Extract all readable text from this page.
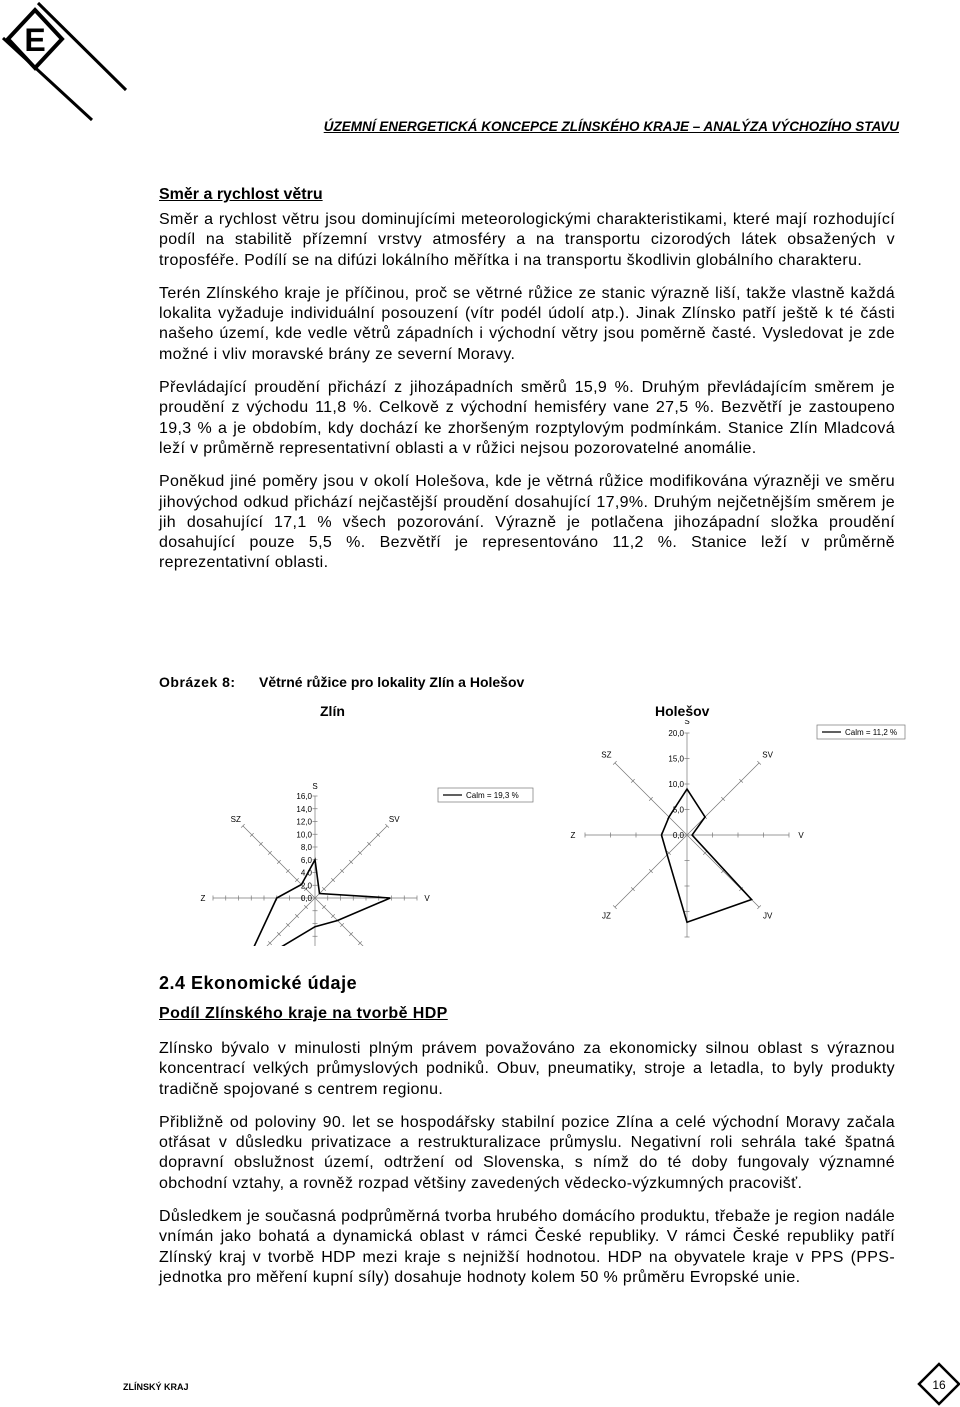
E
ÚZEMNÍ ENERGETICKÁ KONCEPCE ZLÍNSKÉHO KRAJE – ANALÝZA VÝCHOZÍHO STAVU
Směr a rychlost větru

Směr a rychlost větru jsou dominujícími meteorologickými charakteristikami, které mají rozhodující podíl na stabilitě přízemní vrstvy atmosféry a na transportu cizorodých látek obsažených v troposféře. Podílí se na difúzi lokálního měřítka i na transportu škodlivin globálního charakteru.

Terén Zlínského kraje je příčinou, proč se větrné růžice ze stanic výrazně liší, takže vlastně každá lokalita vyžaduje individuální posouzení (vítr podél údolí atp.). Jinak Zlínsko patří ještě k té části našeho území, kde vedle větrů západních i východní větry jsou poměrně časté. Vysledovat je zde možné i vliv moravské brány ze severní Moravy.

Převládající proudění přichází z jihozápadních směrů 15,9 %. Druhým převládajícím směrem je proudění z východu 11,8 %. Celkově z východní hemisféry vane 27,5 %. Bezvětří je zastoupeno 19,3 % a je obdobím, kdy dochází ke zhoršeným rozptylovým podmínkám. Stanice Zlín Mladcová leží v průměrně representativní oblasti a v růžici nejsou pozorovatelné anomálie.

Poněkud jiné poměry jsou v okolí Holešova, kde je větrná růžice modifikována výrazněji ve směru jihovýchod odkud přichází nejčastější proudění dosahující 17,9%. Druhým nejčetnějším směrem je jih dosahující 17,1 % všech pozorování. Výrazně je potlačena jihozápadní složka proudění dosahující pouze 5,5 %. Bezvětří je representováno 11,2 %. Stanice leží v průměrně reprezentativní oblasti.

Obrázek 8: Větrné růžice pro lokality Zlín a Holešov
Zlín	Holešov
0,0
2,0
4,0
6,0
8,0
10,0
12,0
14,0
16,0
S
SV
V
Z
SZ
Calm = 19,3 %
0,0
5,0
10,0
15,0
20,0
S
SV
V
JV
JZ
Z
SZ
Calm = 11,2 %
2.4 Ekonomické údaje
Podíl Zlínského kraje na tvorbě HDP

Zlínsko bývalo v minulosti plným právem považováno za ekonomicky silnou oblast s výraznou koncentrací velkých průmyslových podniků. Obuv, pneumatiky, stroje a letadla, to byly produkty tradičně spojované s centrem regionu.

Přibližně od poloviny 90. let se hospodářsky stabilní pozice Zlína a celé východní Moravy začala otřásat v důsledku privatizace a restrukturalizace průmyslu. Negativní roli sehrála také špatná dopravní obslužnost území, odtržení od Slovenska, s nímž do té doby fungovaly významné obchodní vztahy, a rovněž rozpad většiny zavedených vědecko-výzkumných pracovišť.

Důsledkem je současná podprůměrná tvorba hrubého domácího produktu, třebaže je region nadále vnímán jako bohatá a dynamická oblast v rámci České republiky. V rámci České republiky patří Zlínský kraj v tvorbě HDP mezi kraje s nejnižší hodnotou. HDP na obyvatele kraje v PPS (PPS-jednotka pro měření kupní síly) dosahuje hodnoty kolem 50 % průměru Evropské unie.

ZLÍNSKÝ KRAJ	16
